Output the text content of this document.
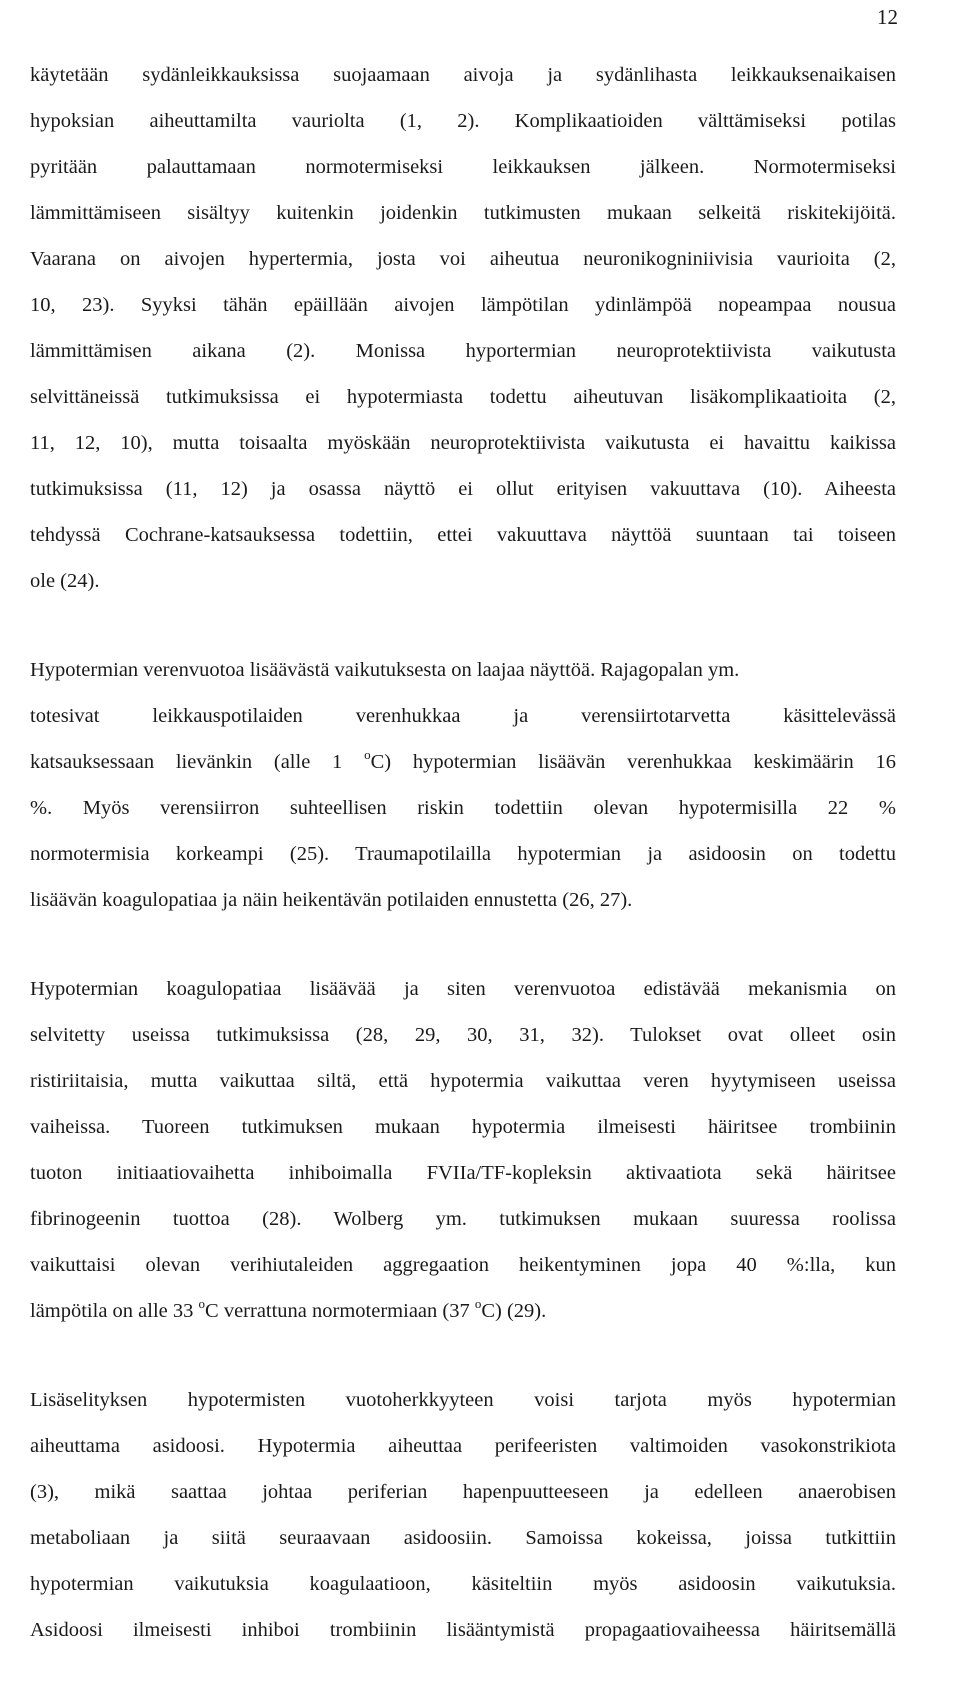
12

käytetään sydänleikkauksissa suojaamaan aivoja ja sydänlihasta leikkauksenaikaisen
hypoksian aiheuttamilta vauriolta (1, 2). Komplikaatioiden välttämiseksi potilas
pyritään palauttamaan normotermiseksi leikkauksen jälkeen. Normotermiseksi
lämmittämiseen sisältyy kuitenkin joidenkin tutkimusten mukaan selkeitä riskitekijöitä.
Vaarana on aivojen hypertermia, josta voi aiheutua neuronikogniniivisia vaurioita (2,
10, 23). Syyksi tähän epäillään aivojen lämpötilan ydinlämpöä nopeampaa nousua
lämmittämisen aikana (2). Monissa hyportermian neuroprotektiivista vaikutusta
selvittäneissä tutkimuksissa ei hypotermiasta todettu aiheutuvan lisäkomplikaatioita (2,
11, 12, 10), mutta toisaalta myöskään neuroprotektiivista vaikutusta ei havaittu kaikissa
tutkimuksissa (11, 12) ja osassa näyttö ei ollut erityisen vakuuttava (10). Aiheesta
tehdyssä Cochrane-katsauksessa todettiin, ettei vakuuttava näyttöä suuntaan tai toiseen
ole (24).

Hypotermian verenvuotoa lisäävästä vaikutuksesta on laajaa näyttöä. Rajagopalan ym.
totesivat leikkauspotilaiden verenhukkaa ja verensiirtotarvetta käsittelevässä
katsauksessaan lievänkin (alle 1 $^o$C) hypotermian lisäävän verenhukkaa keskimäärin 16
%. Myös verensiirron suhteellisen riskin todettiin olevan hypotermisilla 22 %
normotermisia korkeampi (25). Traumapotilailla hypotermian ja asidoosin on todettu
lisäävän koagulopatiaa ja näin heikentävän potilaiden ennustetta (26, 27).

Hypotermian koagulopatiaa lisäävää ja siten verenvuotoa edistävää mekanismia on
selvitetty useissa tutkimuksissa (28, 29, 30, 31, 32). Tulokset ovat olleet osin
ristiriitaisia, mutta vaikuttaa siltä, että hypotermia vaikuttaa veren hyytymiseen useissa
vaiheissa. Tuoreen tutkimuksen mukaan hypotermia ilmeisesti häiritsee trombiinin
tuoton initiaatiovaihetta inhiboimalla FVIIa/TF-kopleksin aktivaatiota sekä häiritsee
fibrinogeenin tuottoa (28). Wolberg ym. tutkimuksen mukaan suuressa roolissa
vaikuttaisi olevan verihiutaleiden aggregaation heikentyminen jopa 40 %:lla, kun
lämpötila on alle 33 $^o$C verrattuna normotermiaan (37 $^o$C) (29).

Lisäselityksen hypotermisten vuotoherkkyyteen voisi tarjota myös hypotermian
aiheuttama asidoosi. Hypotermia aiheuttaa perifeeristen valtimoiden vasokonstrikiota
(3), mikä saattaa johtaa periferian hapenpuutteeseen ja edelleen anaerobisen
metaboliaan ja siitä seuraavaan asidoosiin. Samoissa kokeissa, joissa tutkittiin
hypotermian vaikutuksia koagulaatioon, käsiteltiin myös asidoosin vaikutuksia.
Asidoosi ilmeisesti inhiboi trombiinin lisääntymistä propagaatiovaiheessa häiritsemällä
